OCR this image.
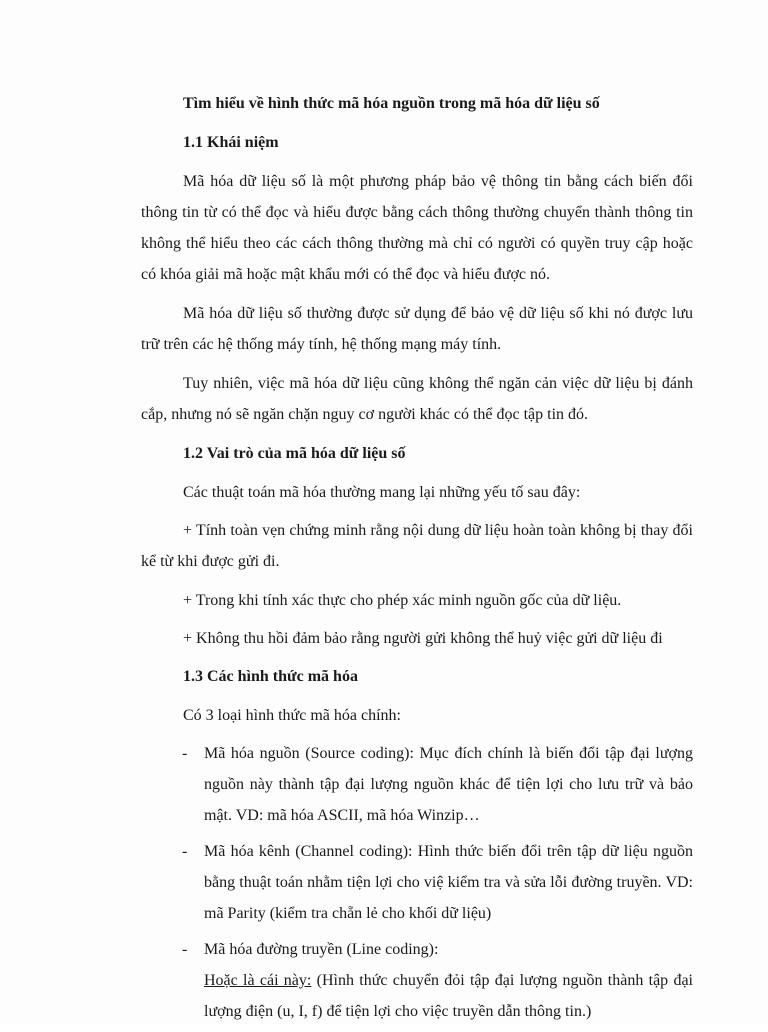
Tìm hiểu về hình thức mã hóa nguồn trong mã hóa dữ liệu số
1.1 Khái niệm
Mã hóa dữ liệu số là một phương pháp bảo vệ thông tin bằng cách biến đổi thông tin từ có thể đọc và hiểu được bằng cách thông thường chuyển thành thông tin không thể hiểu theo các cách thông thường mà chỉ có người có quyền truy cập hoặc có khóa giải mã hoặc mật khẩu mới có thể đọc và hiểu được nó.
Mã hóa dữ liệu số thường được sử dụng để bảo vệ dữ liệu số khi nó được lưu trữ trên các hệ thống máy tính, hệ thống mạng máy tính.
Tuy nhiên, việc mã hóa dữ liệu cũng không thể ngăn cản việc dữ liệu bị đánh cắp, nhưng nó sẽ ngăn chặn nguy cơ người khác có thể đọc tập tin đó.
1.2 Vai trò của mã hóa dữ liệu số
Các thuật toán mã hóa thường mang lại những yếu tố sau đây:
+ Tính toàn vẹn chứng minh rằng nội dung dữ liệu hoàn toàn không bị thay đổi kể từ khi được gửi đi.
+ Trong khi tính xác thực cho phép xác minh nguồn gốc của dữ liệu.
+ Không thu hồi đảm bảo rằng người gửi không thể huỷ việc gửi dữ liệu đi
1.3 Các hình thức mã hóa
Có 3 loại hình thức mã hóa chính:
- Mã hóa nguồn (Source coding): Mục đích chính là biến đổi tập đại lượng nguồn này thành tập đại lượng nguồn khác để tiện lợi cho lưu trữ và bảo mật. VD: mã hóa ASCII, mã hóa Winzip…
- Mã hóa kênh (Channel coding): Hình thức biến đổi trên tập dữ liệu nguồn bằng thuật toán nhằm tiện lợi cho việ kiểm tra và sửa lỗi đường truyền. VD: mã Parity (kiểm tra chẵn lẻ cho khối dữ liệu)
- Mã hóa đường truyền (Line coding):
Hoặc là cái này: (Hình thức chuyển đỏi tập đại lượng nguồn thành tập đại lượng điện (u, I, f) để tiện lợi cho việc truyền dẫn thông tin.)
